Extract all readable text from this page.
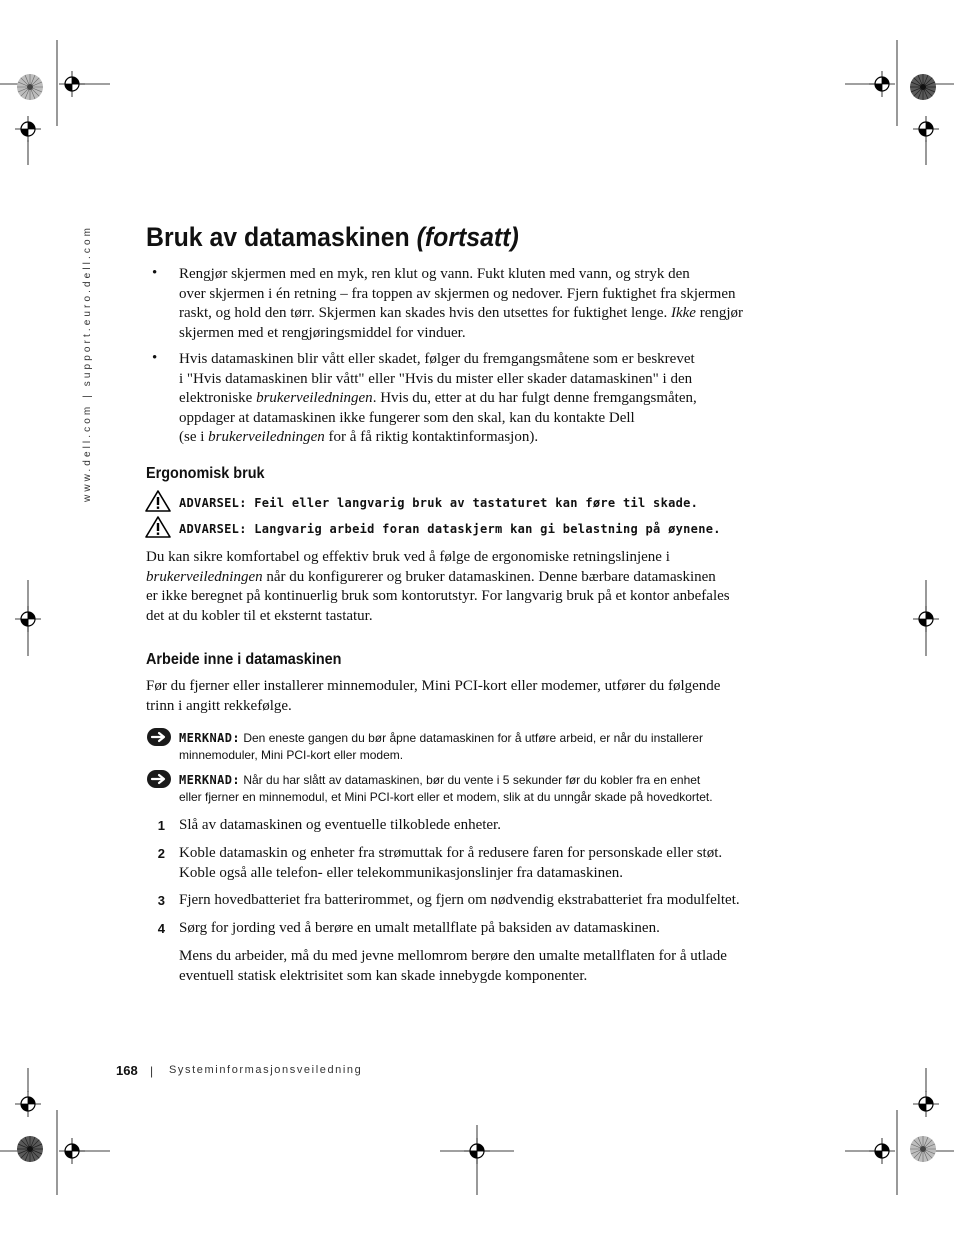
www.dell.com | support.euro.dell.com	Bruk av datamaskinen (fortsatt)
• Rengjør skjermen med en myk, ren klut og vann. Fukt kluten med vann, og stryk den
over skjermen i én retning – fra toppen av skjermen og nedover. Fjern fuktighet fra skjermen
raskt, og hold den tørr. Skjermen kan skades hvis den utsettes for fuktighet lenge. Ikke rengjør
skjermen med et rengjøringsmiddel for vinduer.
• Hvis datamaskinen blir vått eller skadet, følger du fremgangsmåtene som er beskrevet
i "Hvis datamaskinen blir vått" eller "Hvis du mister eller skader datamaskinen" i den
elektroniske brukerveiledningen. Hvis du, etter at du har fulgt denne fremgangsmåten,
oppdager at datamaskinen ikke fungerer som den skal, kan du kontakte Dell
(se i brukerveiledningen for å få riktig kontaktinformasjon).
Ergonomisk bruk
ADVARSEL: Feil eller langvarig bruk av tastaturet kan føre til skade.
ADVARSEL: Langvarig arbeid foran dataskjerm kan gi belastning på øynene.
Du kan sikre komfortabel og effektiv bruk ved å følge de ergonomiske retningslinjene i
brukerveiledningen når du konfigurerer og bruker datamaskinen. Denne bærbare datamaskinen
er ikke beregnet på kontinuerlig bruk som kontorutstyr. For langvarig bruk på et kontor anbefales
det at du kobler til et eksternt tastatur.
Arbeide inne i datamaskinen
Før du fjerner eller installerer minnemoduler, Mini PCI-kort eller modemer, utfører du følgende
trinn i angitt rekkefølge.
MERKNAD: Den eneste gangen du bør åpne datamaskinen for å utføre arbeid, er når du installerer
minnemoduler, Mini PCI-kort eller modem.
MERKNAD: Når du har slått av datamaskinen, bør du vente i 5 sekunder før du kobler fra en enhet
eller fjerner en minnemodul, et Mini PCI-kort eller et modem, slik at du unngår skade på hovedkortet.
1 Slå av datamaskinen og eventuelle tilkoblede enheter.
2 Koble datamaskin og enheter fra strømuttak for å redusere faren for personskade eller støt.
Koble også alle telefon- eller telekommunikasjonslinjer fra datamaskinen.
3 Fjern hovedbatteriet fra batterirommet, og fjern om nødvendig ekstrabatteriet fra modulfeltet.
4 Sørg for jording ved å berøre en umalt metallflate på baksiden av datamaskinen.
Mens du arbeider, må du med jevne mellomrom berøre den umalte metallflaten for å utlade
eventuell statisk elektrisitet som kan skade innebygde komponenter.
168 | Systeminformasjonsveiledning
